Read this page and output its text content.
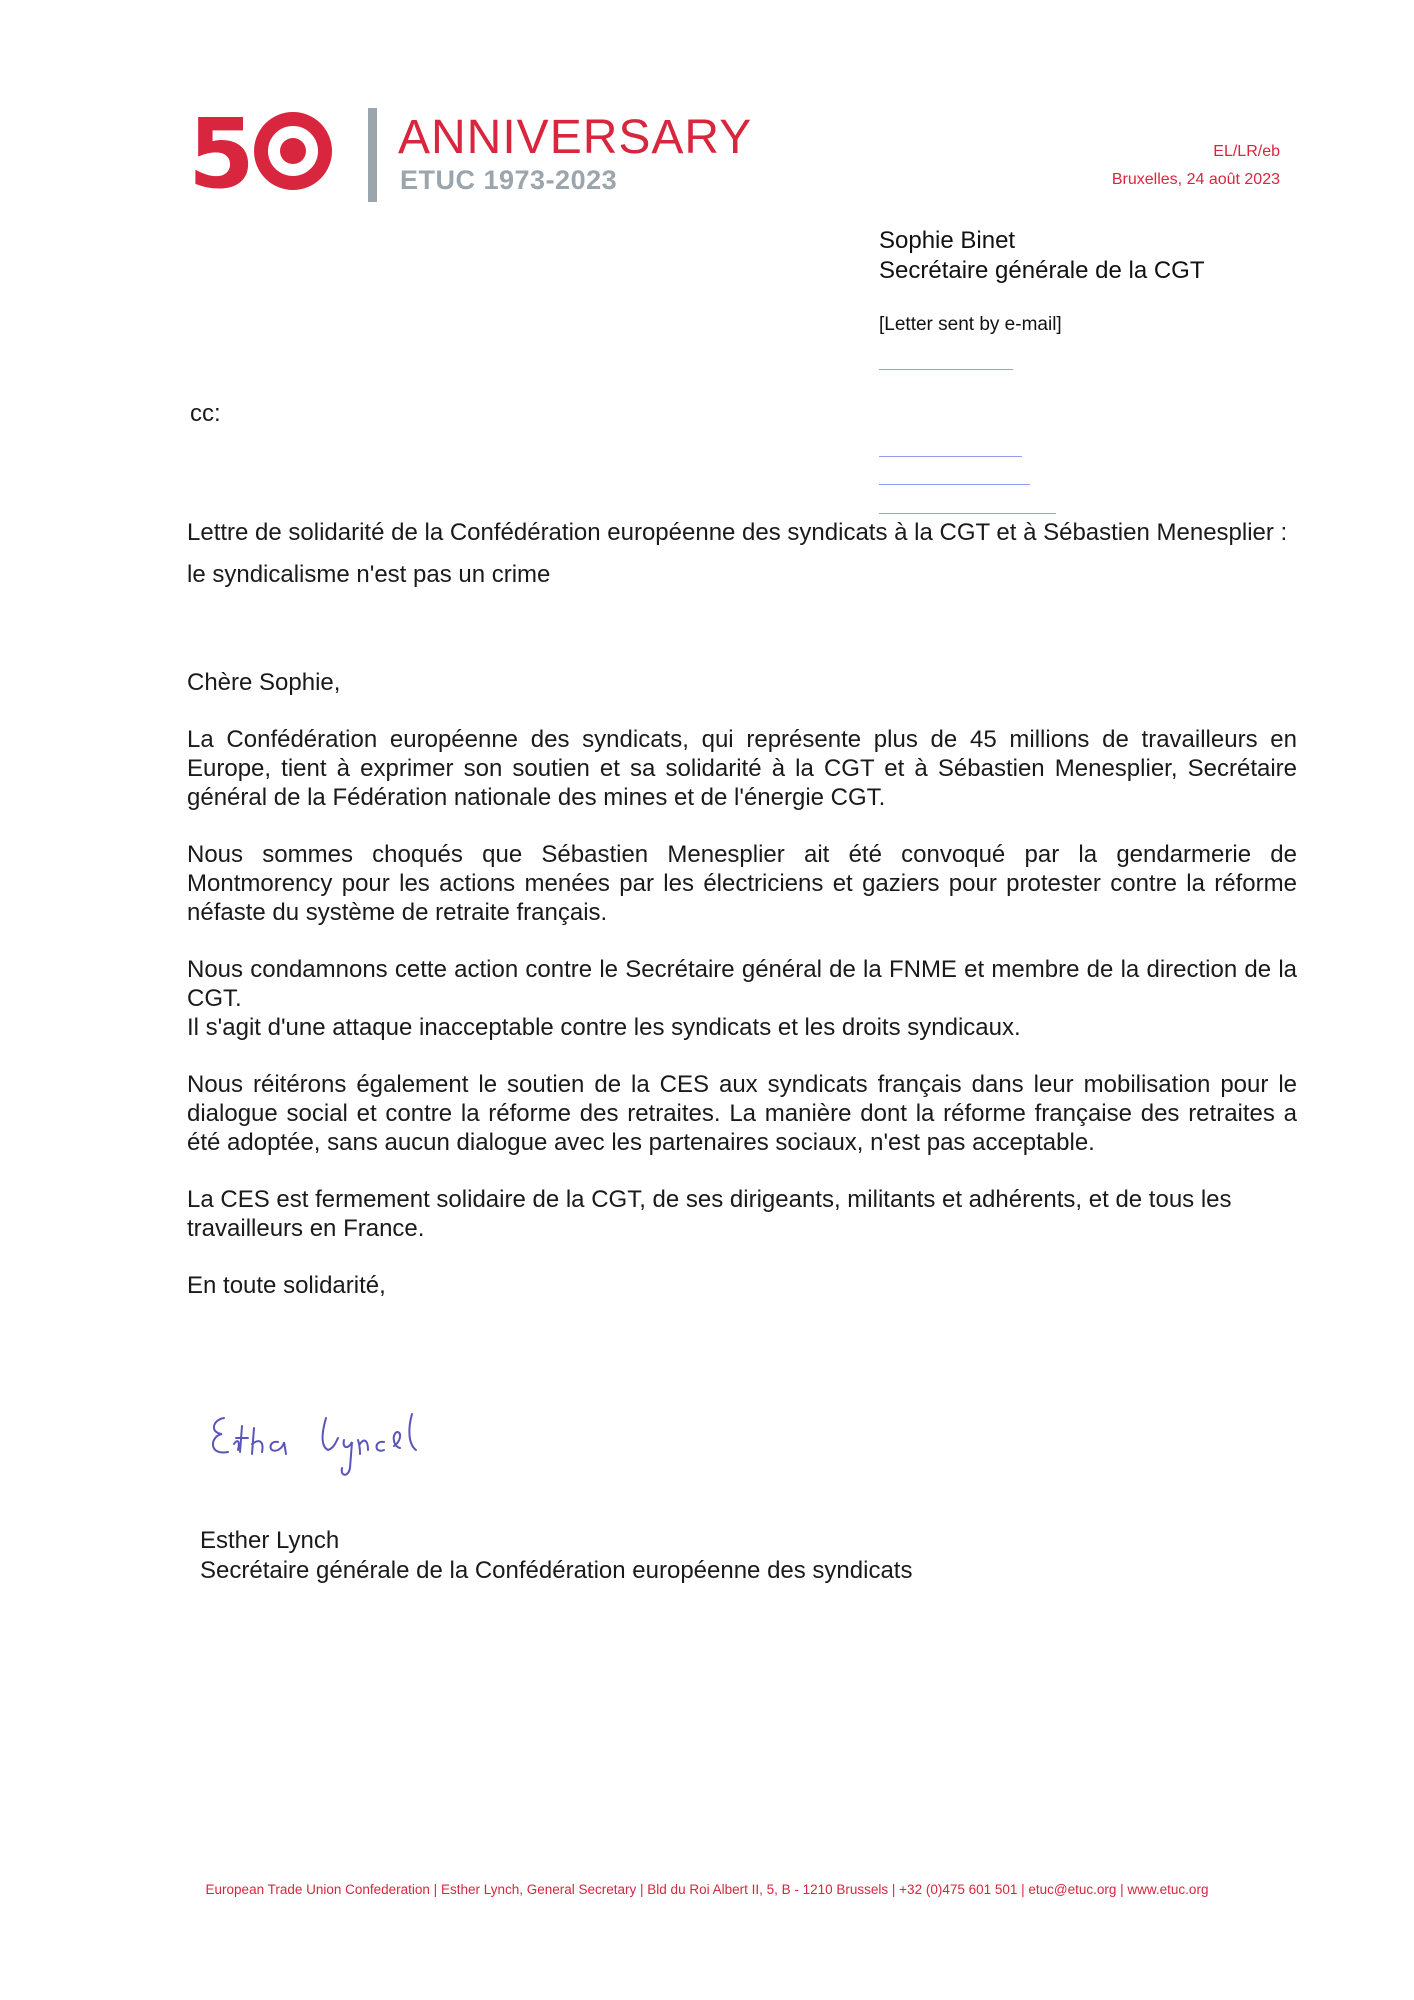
5	ANNIVERSARY
ETUC 1973-2023
EL/LR/eb
Bruxelles, 24 août 2023
Sophie Binet
Secrétaire générale de la CGT
[Letter sent by e-mail]
cc:
Lettre de solidarité de la Confédération européenne des syndicats à la CGT et à Sébastien Menesplier : le syndicalisme n'est pas un crime

Chère Sophie,

La Confédération européenne des syndicats, qui représente plus de 45 millions de travailleurs en Europe, tient à exprimer son soutien et sa solidarité à la CGT et à Sébastien Menesplier, Secrétaire général de la Fédération nationale des mines et de l'énergie CGT.

Nous sommes choqués que Sébastien Menesplier ait été convoqué par la gendarmerie de Montmorency pour les actions menées par les électriciens et gaziers pour protester contre la réforme néfaste du système de retraite français.

Nous condamnons cette action contre le Secrétaire général de la FNME et membre de la direction de la CGT.

Il s'agit d'une attaque inacceptable contre les syndicats et les droits syndicaux.

Nous réitérons également le soutien de la CES aux syndicats français dans leur mobilisation pour le dialogue social et contre la réforme des retraites. La manière dont la réforme française des retraites a été adoptée, sans aucun dialogue avec les partenaires sociaux, n'est pas acceptable.

La CES est fermement solidaire de la CGT, de ses dirigeants, militants et adhérents, et de tous les travailleurs en France.

En toute solidarité,

Esther Lynch
Secrétaire générale de la Confédération européenne des syndicats
European Trade Union Confederation | Esther Lynch, General Secretary | Bld du Roi Albert II, 5, B - 1210 Brussels | +32 (0)475 601 501 | etuc@etuc.org | www.etuc.org
